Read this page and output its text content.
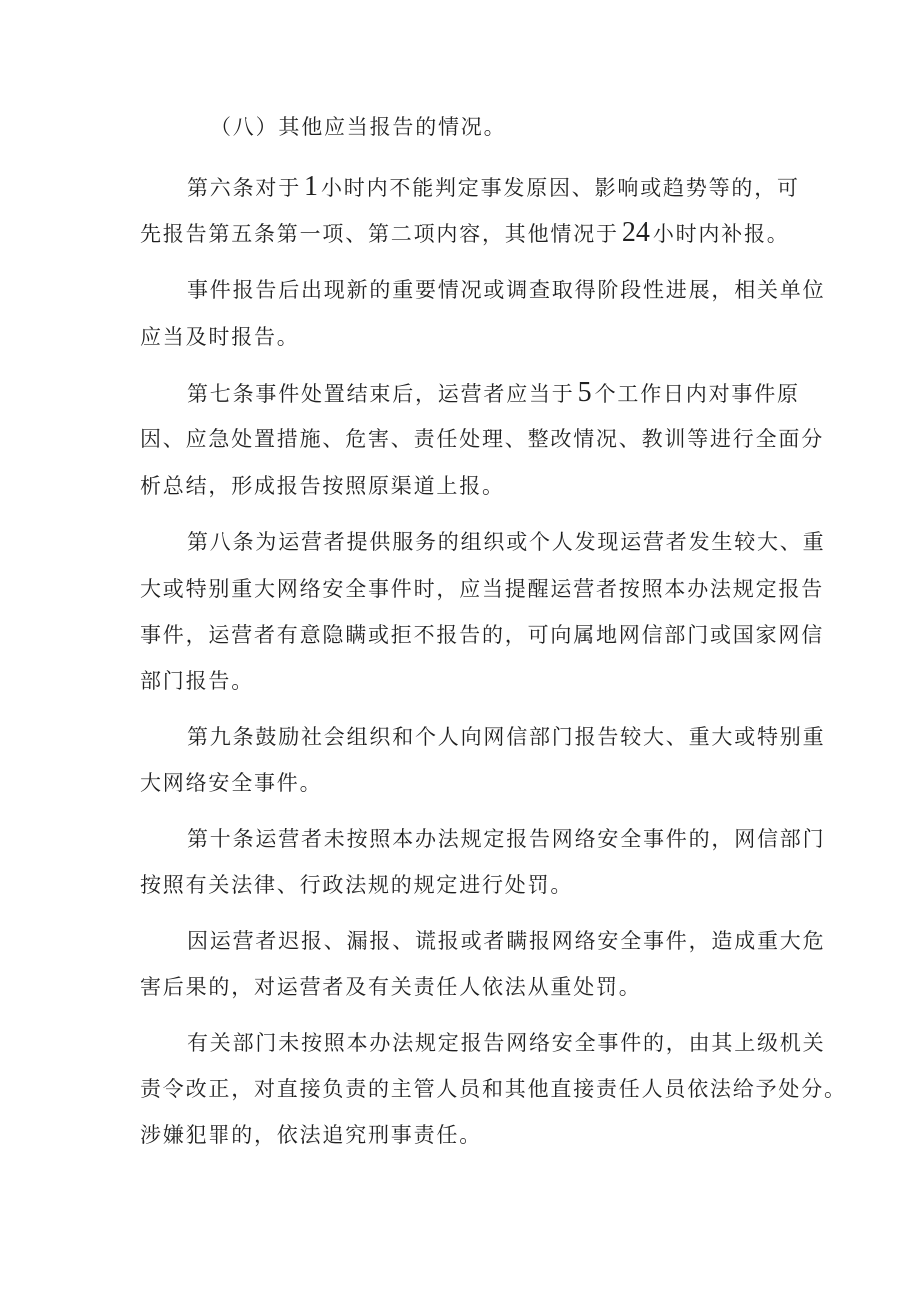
（八）其他应当报告的情况。
第六条对于 1 小时内不能判定事发原因、影响或趋势等的，可
先报告第五条第一项、第二项内容，其他情况于 24 小时内补报。
事件报告后出现新的重要情况或调查取得阶段性进展，相关单位
应当及时报告。
第七条事件处置结束后，运营者应当于 5 个工作日内对事件原
因、应急处置措施、危害、责任处理、整改情况、教训等进行全面分
析总结，形成报告按照原渠道上报。
第八条为运营者提供服务的组织或个人发现运营者发生较大、重
大或特别重大网络安全事件时，应当提醒运营者按照本办法规定报告
事件，运营者有意隐瞒或拒不报告的，可向属地网信部门或国家网信
部门报告。
第九条鼓励社会组织和个人向网信部门报告较大、重大或特别重
大网络安全事件。
第十条运营者未按照本办法规定报告网络安全事件的，网信部门
按照有关法律、行政法规的规定进行处罚。
因运营者迟报、漏报、谎报或者瞒报网络安全事件，造成重大危
害后果的，对运营者及有关责任人依法从重处罚。
有关部门未按照本办法规定报告网络安全事件的，由其上级机关
责令改正，对直接负责的主管人员和其他直接责任人员依法给予处分。
涉嫌犯罪的，依法追究刑事责任。
